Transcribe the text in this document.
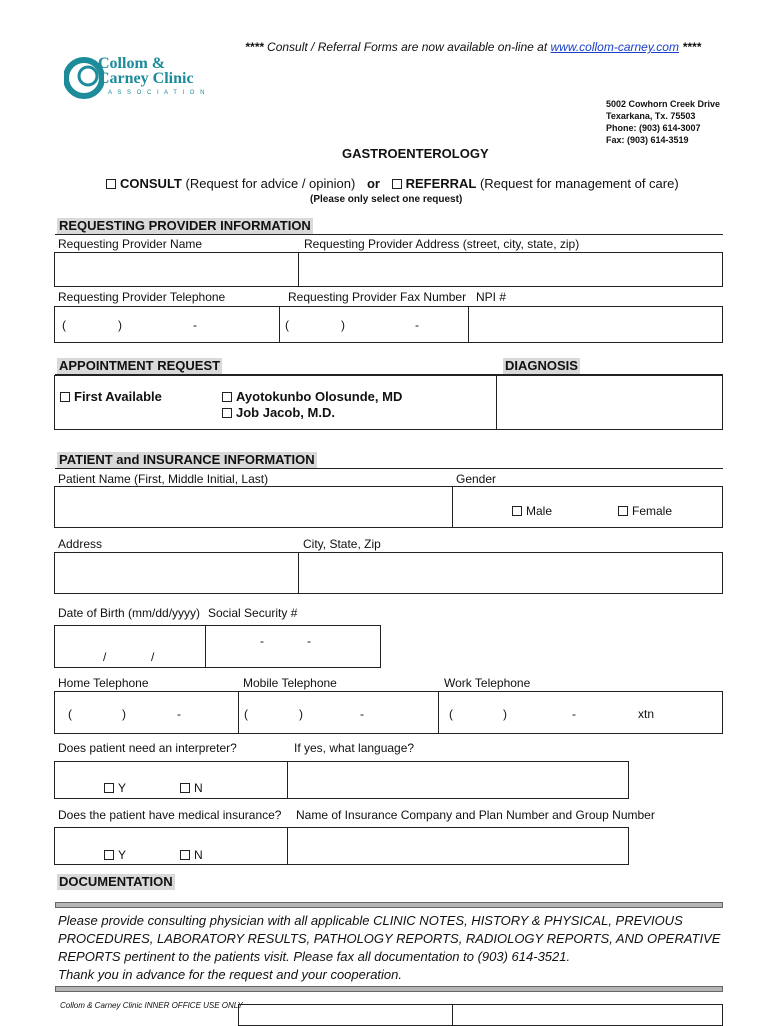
**** Consult / Referral Forms are now available on-line at www.collom-carney.com ****
Collom &
Carney Clinic
A S S O C I A T I O N
5002 Cowhorn Creek Drive
Texarkana, Tx. 75503
Phone: (903) 614-3007
Fax: (903) 614-3519
GASTROENTEROLOGY
CONSULT (Request for advice / opinion) or REFERRAL (Request for management of care)
(Please only select one request)
REQUESTING PROVIDER INFORMATION
Requesting Provider Name	Requesting Provider Address (street, city, state, zip)
Requesting Provider Telephone	Requesting Provider Fax Number NPI #
(	)	-	(	)	-
APPOINTMENT REQUEST	DIAGNOSIS
First Available	Ayotokunbo Olosunde, MD
Job Jacob, M.D.
PATIENT and INSURANCE INFORMATION
Patient Name (First, Middle Initial, Last)	Gender
Male	Female
Address	City, State, Zip
Date of Birth (mm/dd/yyyy) Social Security #
/	/
-	-
Home Telephone	Mobile Telephone	Work Telephone
(	)	-	(	)	-	(	)	-	xtn
Does patient need an interpreter?	If yes, what language?
Y	N
Does the patient have medical insurance? Name of Insurance Company and Plan Number and Group Number
Y	N
DOCUMENTATION
Please provide consulting physician with all applicable CLINIC NOTES, HISTORY & PHYSICAL, PREVIOUS
PROCEDURES, LABORATORY RESULTS, PATHOLOGY REPORTS, RADIOLOGY REPORTS, AND OPERATIVE
REPORTS pertinent to the patients visit. Please fax all documentation to (903) 614-3521.
Thank you in advance for the request and your cooperation.
Collom & Carney Clinic INNER OFFICE USE ONLY
